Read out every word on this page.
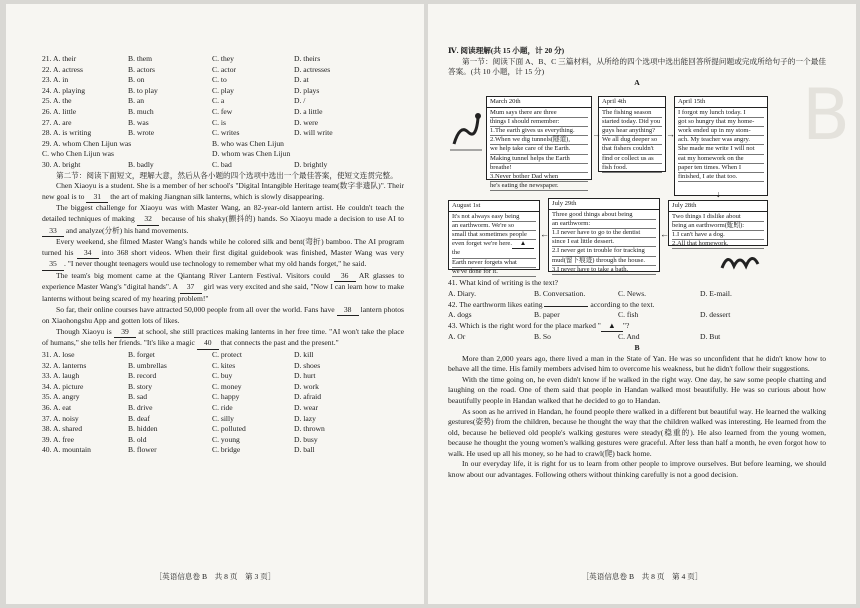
21. A. their	B. them	C. they	D. theirs
22. A. actress	B. actors	C. actor	D. actresses
23. A. in	B. on	C. to	D. at
24. A. playing	B. to play	C. play	D. plays
25. A. the	B. an	C. a	D. /
26. A. little	B. much	C. few	D. a little
27. A. are	B. was	C. is	D. were
28. A. is writing	B. wrote	C. writes	D. will write
29. A. whom Chen Lijun was	B. who was Chen Lijun
C. who Chen Lijun was	D. whom was Chen Lijun
30. A. bright	B. badly	C. bad	D. brightly

第二节：阅读下面短文，理解大意，然后从各小题的四个选项中选出一个最佳答案，使短文连贯完整。

Chen Xiaoyu is a student. She is a member of her school's "Digital Intangible Heritage team(数字非遗队)". Their new goal is to 31 the art of making Jiangnan silk lanterns, which is slowly disappearing.

The biggest challenge for Xiaoyu was with Master Wang, an 82-year-old lantern artist. He couldn't teach the detailed techniques of making 32 because of his shaky(颤抖的) hands. So Xiaoyu made a decision to use AI to 33 and analyze(分析) his hand movements.

Every weekend, she filmed Master Wang's hands while he colored silk and bent(弯折) bamboo. The AI program turned his 34 into 368 short videos. When their first digital guidebook was finished, Master Wang was very 35 . "I never thought teenagers would use technology to remember what my old hands forget," he said.

The team's big moment came at the Qiantang River Lantern Festival. Visitors could 36 AR glasses to experience Master Wang's "digital hands". A 37 girl was very excited and she said, "Now I can learn how to make lanterns without being scared of my hearing problem!"

So far, their online courses have attracted 50,000 people from all over the world. Fans have 38 lantern photos on Xiaohongshu App and gotten lots of likes.

Though Xiaoyu is 39 at school, she still practices making lanterns in her free time. "AI won't take the place of humans," she tells her friends. "It's like a magic 40 that connects the past and the present."

31. A. lose	B. forget	C. protect	D. kill
32. A. lanterns	B. umbrellas	C. kites	D. shoes
33. A. laugh	B. record	C. buy	D. hurt
34. A. picture	B. story	C. money	D. work
35. A. angry	B. sad	C. happy	D. afraid
36. A. eat	B. drive	C. ride	D. wear
37. A. noisy	B. deaf	C. silly	D. lazy
38. A. shared	B. hidden	C. polluted	D. thrown
39. A. free	B. old	C. young	D. busy
40. A. mountain	B. flower	C. bridge	D. ball
［英语信息卷 B　共 8 页　第 3 页］
B

Ⅳ. 阅读理解(共 15 小题，计 20 分)

第一节：阅读下面 A、B、C 三篇材料，从所给的四个选项中选出能回答所提问题或完成所给句子的一个最佳答案。(共 10 小题，计 15 分)

A

March 20th
Mum says there are three
things I should remember:
1.The earth gives us everything.
2.When we dig tunnels(隧道),
we help take care of the Earth.
Making tunnel helps the Earth
breathe!
3.Never bother Dad when
he's eating the newspaper.
April 4th
The fishing season
started today. Did you
guys hear anything?
We all dug deeper so
that fishers couldn't
find or collect us as
fish food.
April 15th
I forgot my lunch today. I
got so hungry that my home-
work ended up in my stom-
ach. My teacher was angry.
She made me write I will not
eat my homework on the
paper ten times. When I
finished, I ate that too.
August 1st
It's not always easy being
an earthworm. We're so
small that sometimes people
even forget we're here. ▲ the
Earth never forgets what
we've done for it.
July 29th
Three good things about being
an earthworm:
1.I never have to go to the dentist
since I eat little dessert.
2.I never get in trouble for tracking
mud(留下痕迹) through the house.
3.I never have to take a bath.
July 28th
Two things I dislike about
being an earthworm(蚯蚓):
1.I can't have a dog.
2.All that homework.
→	→
↓
←
←

41. What kind of writing is the text?

A. Diary.	B. Conversation.	C. News.	D. E-mail.

42. The earthworm likes eating	according to the text.

A. dogs	B. paper	C. fish	D. dessert

43. Which is the right word for the place marked " ▲ "?

A. Or	B. So	C. And	D. But

B

More than 2,000 years ago, there lived a man in the State of Yan. He was so unconfident that he didn't know how to behave all the time. His family members advised him to overcome his weakness, but he didn't follow their suggestions.

With the time going on, he even didn't know if he walked in the right way. One day, he saw some people chatting and laughing on the road. One of them said that people in Handan walked most beautifully. He was so curious about how beautifully people in Handan walked that he decided to go to Handan.

As soon as he arrived in Handan, he found people there walked in a different but beautiful way. He learned the walking gestures(姿势) from the children, because he thought the way that the children walked was interesting. He learned from the old, because he believed old people's walking gestures were steady(稳重的). He also learned from the young women, because he thought the young women's walking gestures were graceful. After less than half a month, he even forgot how to walk. He used up all his money, so he had to crawl(爬) back home.

In our everyday life, it is right for us to learn from other people to improve ourselves. But before learning, we should know about our advantages. Following others without thinking carefully is not a good decision.

［英语信息卷 B　共 8 页　第 4 页］
